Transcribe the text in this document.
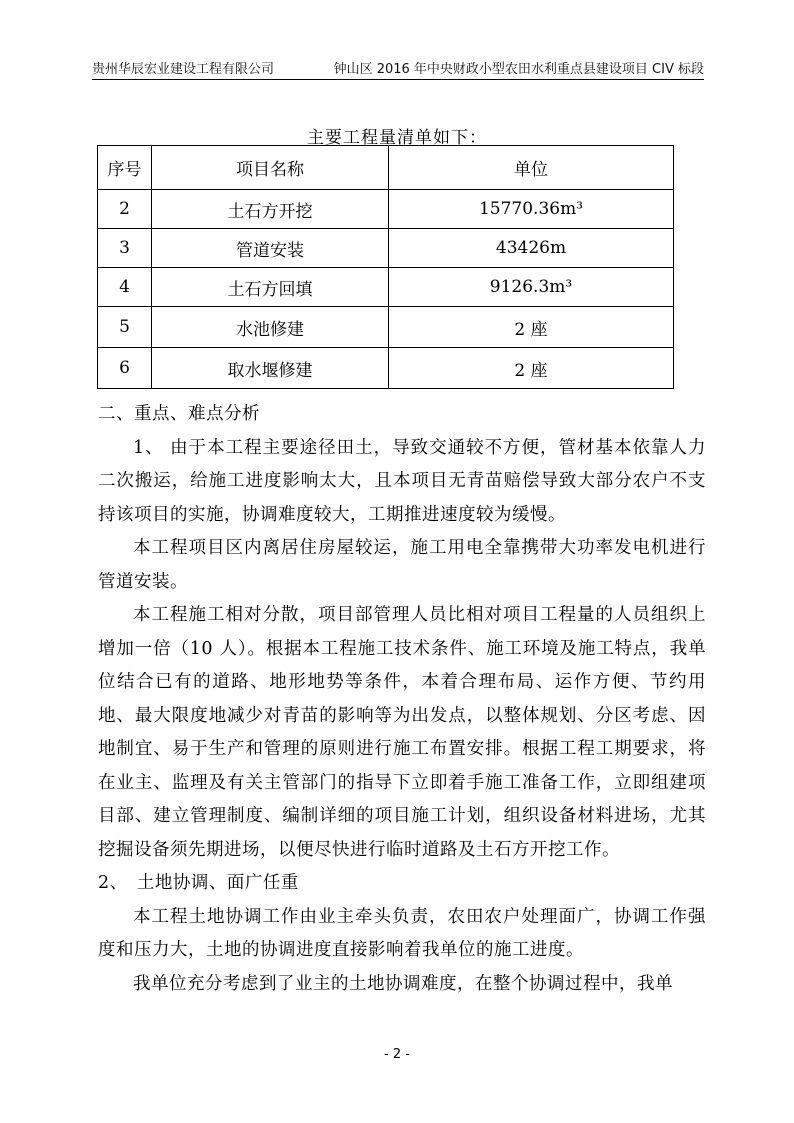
贵州华辰宏业建设工程有限公司	钟山区 2016 年中央财政小型农田水利重点县建设项目 CIV 标段
主要工程量清单如下：
序号	项目名称	单位
2	土石方开挖	15770.36m³
3	管道安装	43426m
4	土石方回填	9126.3m³
5	水池修建	2 座
6	取水堰修建	2 座

二、重点、难点分析

1、 由于本工程主要途径田土，导致交通较不方便，管材基本依靠人力二次搬运，给施工进度影响太大，且本项目无青苗赔偿导致大部分农户不支持该项目的实施，协调难度较大，工期推进速度较为缓慢。

本工程项目区内离居住房屋较运，施工用电全靠携带大功率发电机进行管道安装。

本工程施工相对分散，项目部管理人员比相对项目工程量的人员组织上增加一倍（10 人）。根据本工程施工技术条件、施工环境及施工特点，我单位结合已有的道路、地形地势等条件，本着合理布局、运作方便、节约用地、最大限度地减少对青苗的影响等为出发点，以整体规划、分区考虑、因地制宜、易于生产和管理的原则进行施工布置安排。根据工程工期要求，将在业主、监理及有关主管部门的指导下立即着手施工准备工作，立即组建项目部、建立管理制度、编制详细的项目施工计划，组织设备材料进场，尤其挖掘设备须先期进场，以便尽快进行临时道路及土石方开挖工作。

2、　土地协调、面广任重

本工程土地协调工作由业主牵头负责，农田农户处理面广，协调工作强度和压力大，土地的协调进度直接影响着我单位的施工进度。

我单位充分考虑到了业主的土地协调难度，在整个协调过程中，我单

- 2 -
